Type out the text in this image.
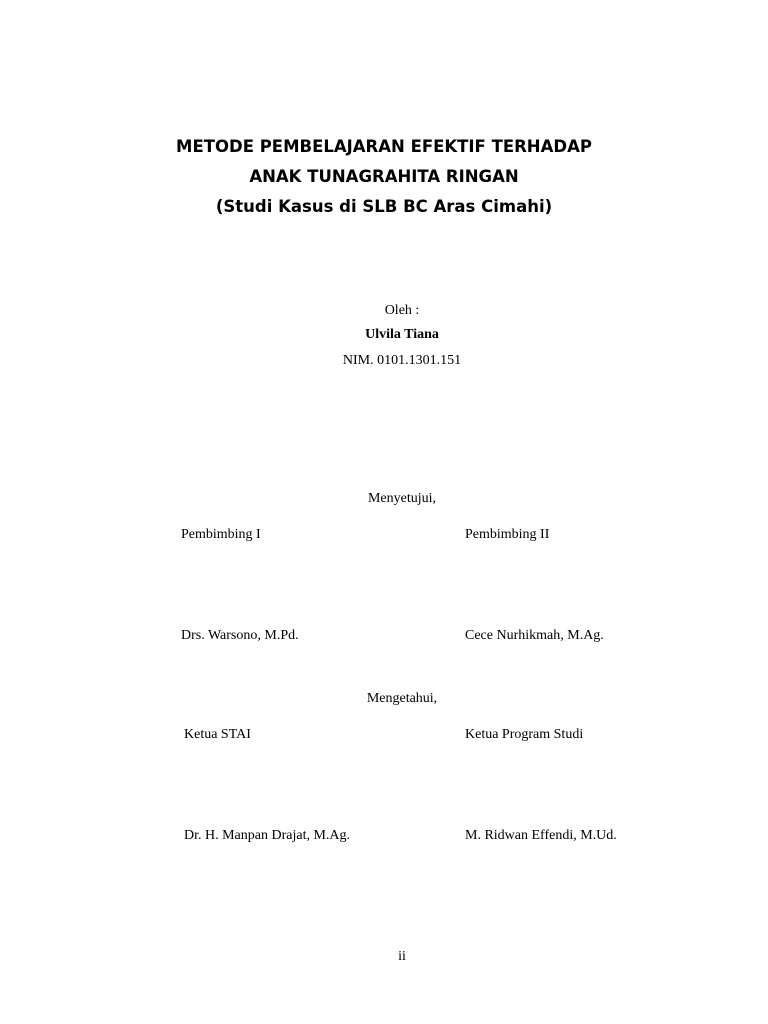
METODE PEMBELAJARAN EFEKTIF TERHADAP
ANAK TUNAGRAHITA RINGAN
(Studi Kasus di SLB BC Aras Cimahi)
Oleh :
Ulvila Tiana
NIM. 0101.1301.151
Menyetujui,
Pembimbing I	Pembimbing II
Drs. Warsono, M.Pd.	Cece Nurhikmah, M.Ag.
Mengetahui,
Ketua STAI	Ketua Program Studi
Dr. H. Manpan Drajat, M.Ag.	M. Ridwan Effendi, M.Ud.
ii
